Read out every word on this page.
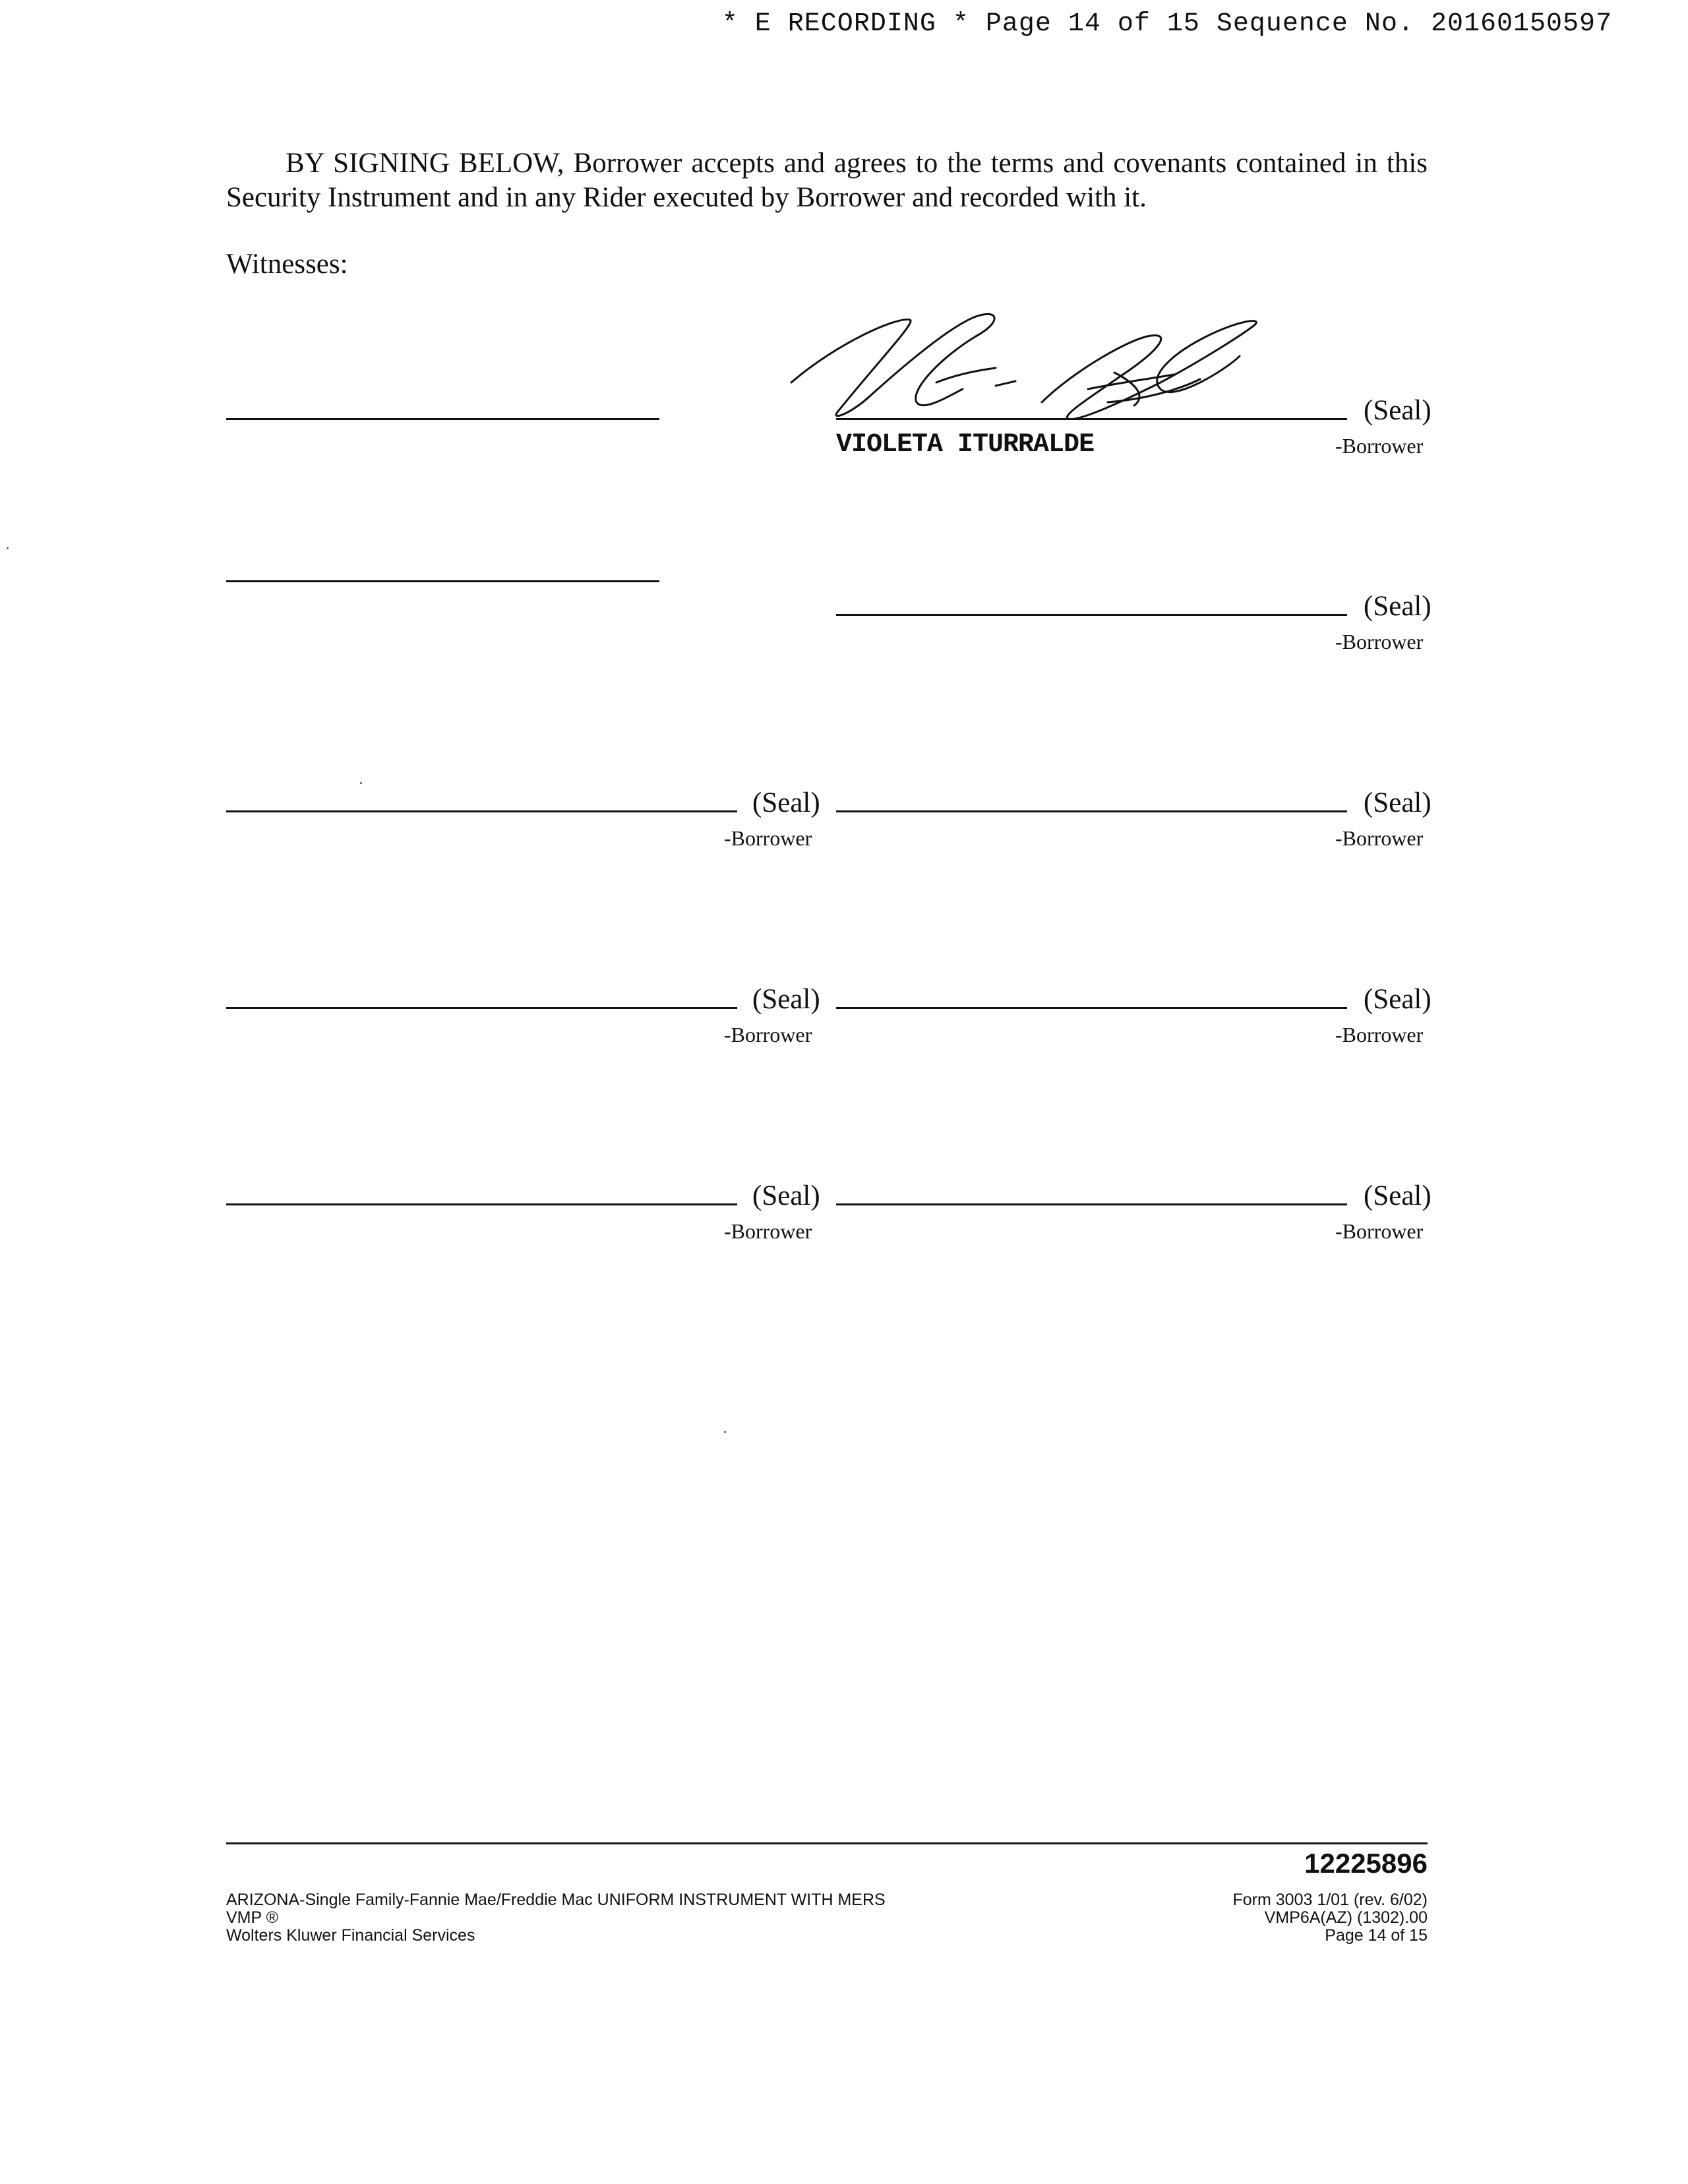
* E RECORDING * Page 14 of 15 Sequence No. 20160150597
BY SIGNING BELOW, Borrower accepts and agrees to the terms and covenants contained in this Security Instrument and in any Rider executed by Borrower and recorded with it.
Witnesses:
(Seal)
-Borrower
VIOLETA ITURRALDE
(Seal)
-Borrower
(Seal)
-Borrower
(Seal)
-Borrower
(Seal)
-Borrower
(Seal)
-Borrower
(Seal)
-Borrower
(Seal)
-Borrower
12225896
ARIZONA-Single Family-Fannie Mae/Freddie Mac UNIFORM INSTRUMENT WITH MERS
VMP ®
Wolters Kluwer Financial Services
Form 3003 1/01 (rev. 6/02)
VMP6A(AZ) (1302).00
Page 14 of 15
